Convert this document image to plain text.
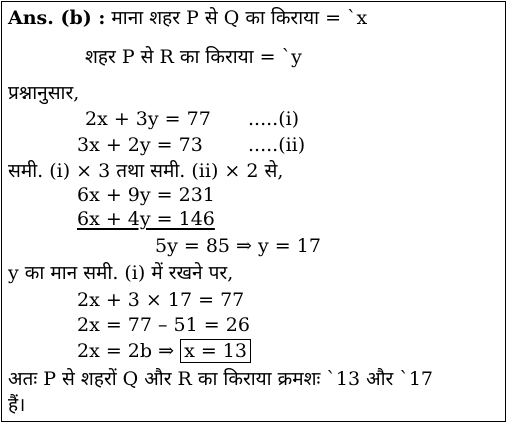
Ans. (b) : माना शहर P से Q का किराया = `x
शहर P से R का किराया = `y
प्रश्नानुसार,
2x + 3y = 77 .....(i)
3x + 2y = 73 .....(ii)
समी. (i) × 3 तथा समी. (ii) × 2 से,
6x + 9y = 231
6x + 4y = 146
5y = 85 ⇒ y = 17
y का मान समी. (i) में रखने पर,
2x + 3 × 17 = 77
2x = 77 – 51 = 26
2x = 2b ⇒ x = 13
अतः P से शहरों Q और R का किराया क्रमशः `13 और `17
हैं।
